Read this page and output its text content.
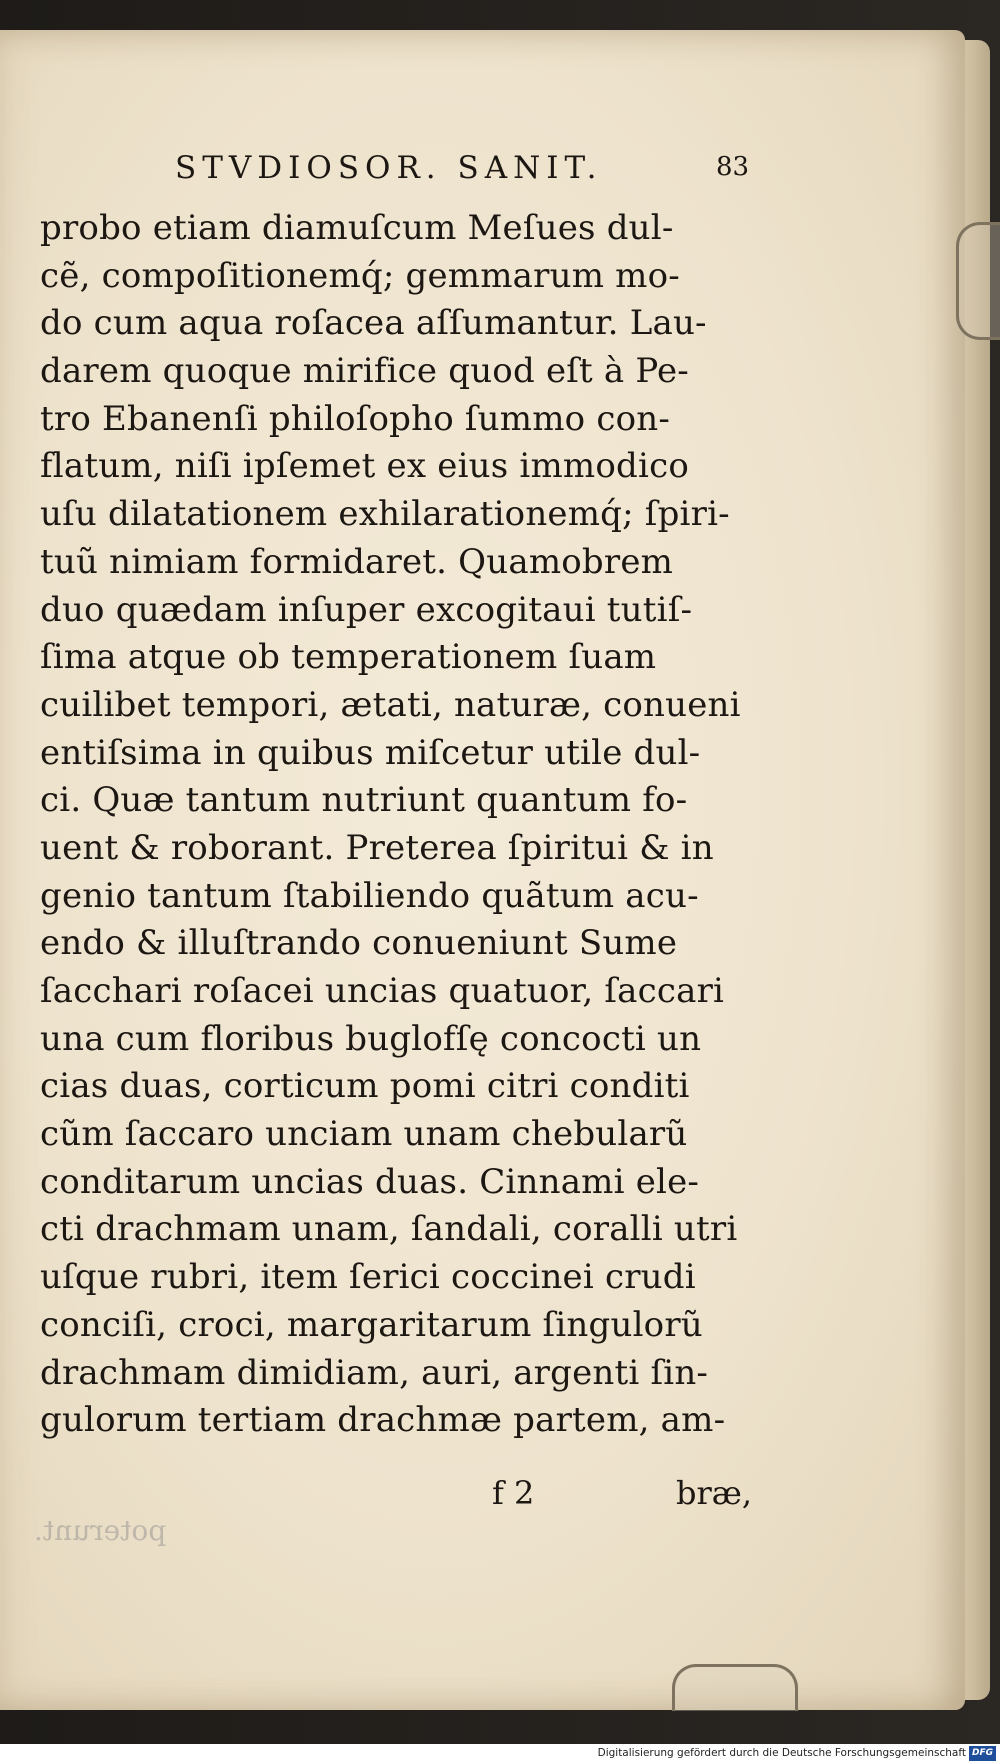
poterunt.
STVDIOSOR. SANIT.	83
probo etiam diamuſcum Meſues dul-
cẽ, compoſitionemq́; gemmarum mo-
do cum aqua roſacea aſſumantur. Lau-
darem quoque mirifice quod eſt à Pe-
tro Ebanenſi philoſopho ſummo con-
flatum, niſi ipſemet ex eius immodico
uſu dilatationem exhilarationemq́; ſpiri-
tuũ nimiam formidaret. Quamobrem
duo quædam inſuper excogitaui tutiſ-
ſima atque ob temperationem ſuam
cuilibet tempori, ætati, naturæ, conueni
entiſsima in quibus miſcetur utile dul-
ci. Quæ tantum nutriunt quantum fo-
uent & roborant. Preterea ſpiritui & in
genio tantum ſtabiliendo quãtum acu-
endo & illuſtrando conueniunt Sume
ſacchari roſacei uncias quatuor, ſaccari
una cum floribus buglofſę concocti un
cias duas, corticum pomi citri conditi
cũm ſaccaro unciam unam chebularũ
conditarum uncias duas. Cinnami ele-
cti drachmam unam, ſandali, coralli utri
uſque rubri, item ſerici coccinei crudi
conciſi, croci, margaritarum ſingulorũ
drachmam dimidiam, auri, argenti ſin-
gulorum tertiam drachmæ partem, am-
f 2	bræ,
Digitalisierung gefördert durch die Deutsche Forschungsgemeinschaft DFG
